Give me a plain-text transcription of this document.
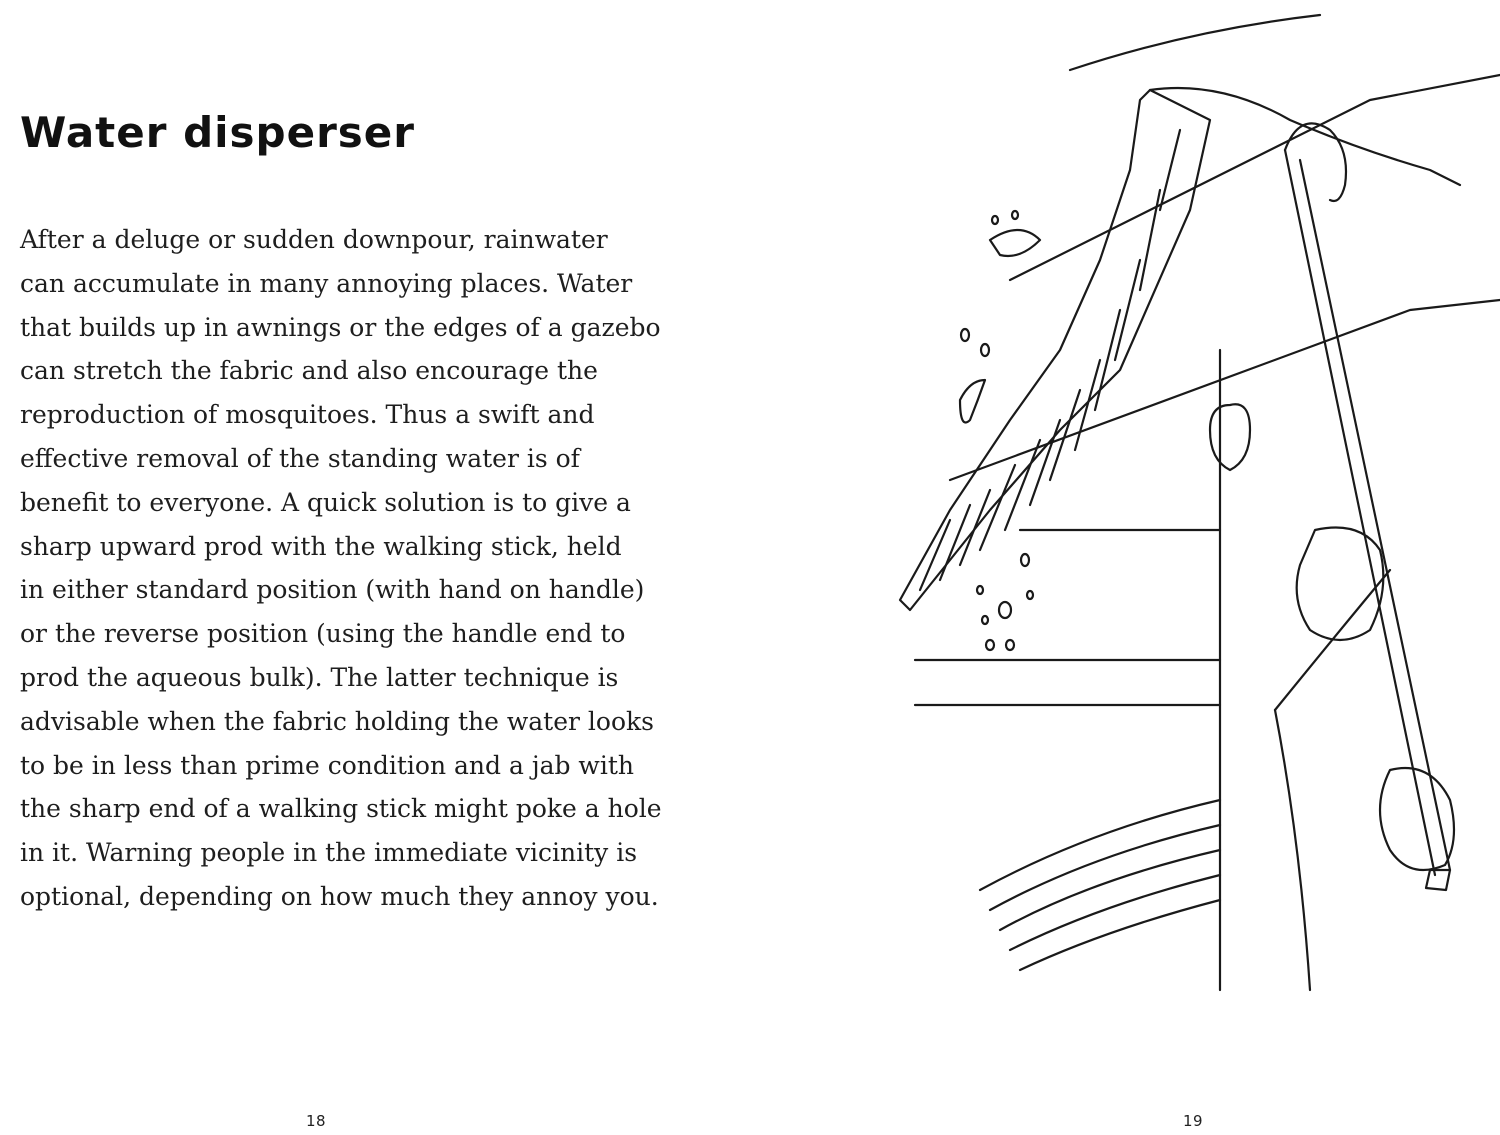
Water disperser

After a deluge or sudden downpour, rainwater
can accumulate in many annoying places. Water
that builds up in awnings or the edges of a gazebo
can stretch the fabric and also encourage the
reproduction of mosquitoes. Thus a swift and
effective removal of the standing water is of
benefit to everyone. A quick solution is to give a
sharp upward prod with the walking stick, held
in either standard position (with hand on handle)
or the reverse position (using the handle end to
prod the aqueous bulk). The latter technique is
advisable when the fabric holding the water looks
to be in less than prime condition and a jab with
the sharp end of a walking stick might poke a hole
in it. Warning people in the immediate vicinity is
optional, depending on how much they annoy you.

18	19
